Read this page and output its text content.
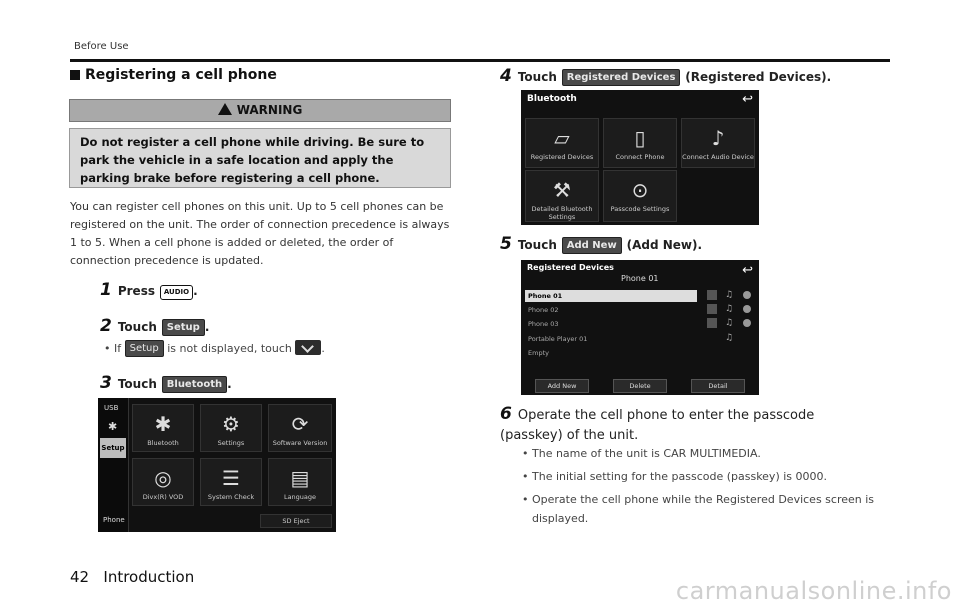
Before Use
Registering a cell phone
WARNING
Do not register a cell phone while driving. Be sure to park the vehicle in a safe location and apply the parking brake before registering a cell phone.
You can register cell phones on this unit. Up to 5 cell phones can be registered on the unit. The order of connection precedence is always 1 to 5. When a cell phone is added or deleted, the order of connection precedence is updated.
1 Press AUDIO .
2 Touch Setup .
• If Setup is not displayed, touch	.
3 Touch Bluetooth .
USB
✱
Setup
Phone
✱
Bluetooth
⚙
Settings
⟳
Software Version
◎
Divx(R) VOD
☰
System Check
▤
Language
SD Eject
4 Touch Registered Devices (Registered Devices).
Bluetooth	↩
▱
Registered Devices
▯
Connect Phone
♪
Connect Audio Device
⚒
Detailed Bluetooth Settings
⊙
Passcode Settings
5 Touch Add New (Add New).
Registered Devices
Phone 01
↩
Phone 01
Phone 02
Phone 03
Portable Player 01
Empty
♫
♫
♫
♫
Add New	Delete	Detail
6 Operate the cell phone to enter the passcode (passkey) of the unit.
• The name of the unit is CAR MULTIMEDIA.
• The initial setting for the passcode (passkey) is 0000.
• Operate the cell phone while the Registered Devices screen is displayed.
42 Introduction	carmanualsonline.info
